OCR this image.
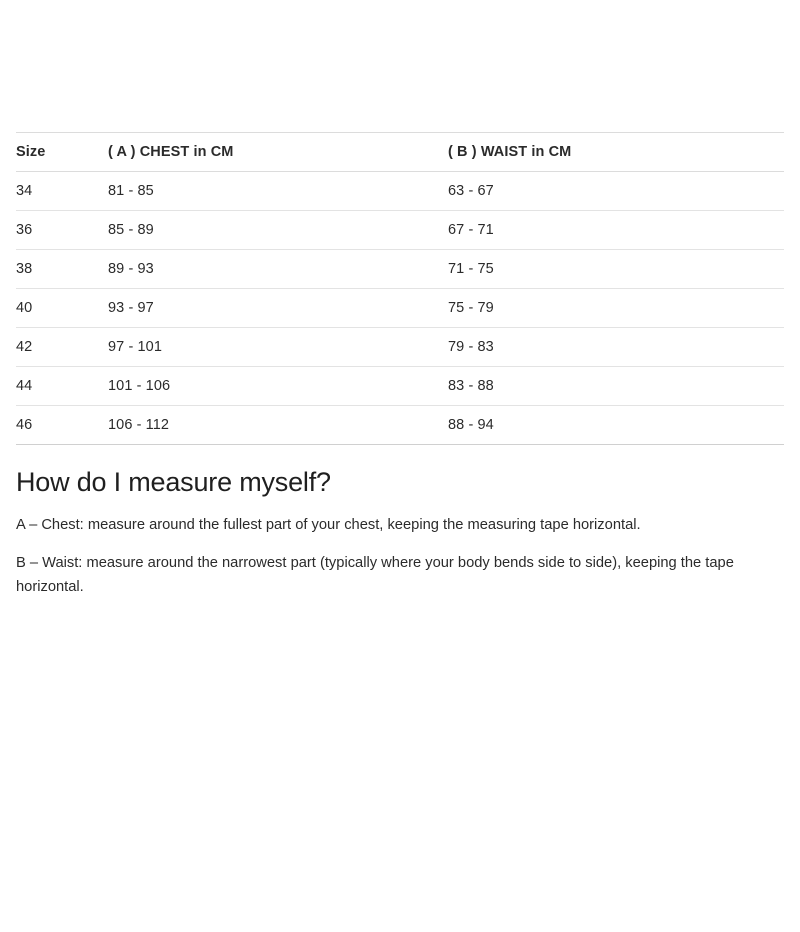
Size	( A ) CHEST in CM	( B ) WAIST in CM
34	81 - 85	63 - 67
36	85 - 89	67 - 71
38	89 - 93	71 - 75
40	93 - 97	75 - 79
42	97 - 101	79 - 83
44	101 - 106	83 - 88
46	106 - 112	88 - 94
How do I measure myself?

A – Chest: measure around the fullest part of your chest, keeping the measuring tape horizontal.

B – Waist: measure around the narrowest part (typically where your body bends side to side), keeping the tape horizontal.
